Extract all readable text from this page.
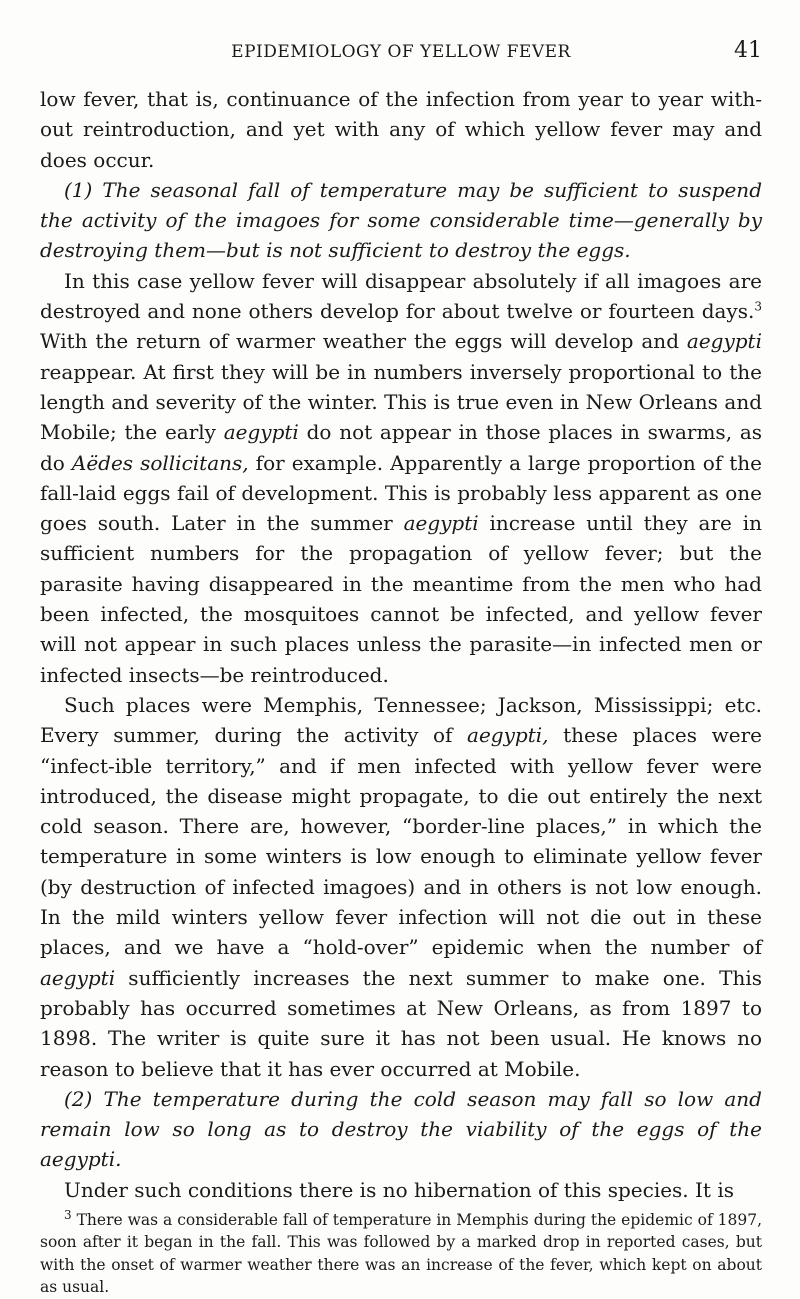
EPIDEMIOLOGY OF YELLOW FEVER	41

low fever, that is, continuance of the infection from year to year with-out reintroduction, and yet with any of which yellow fever may and does occur.

(1) The seasonal fall of temperature may be sufficient to suspend the activity of the imagoes for some considerable time—generally by destroying them—but is not sufficient to destroy the eggs.

In this case yellow fever will disappear absolutely if all imagoes are destroyed and none others develop for about twelve or fourteen days.$^3$ With the return of warmer weather the eggs will develop and aegypti reappear. At first they will be in numbers inversely proportional to the length and severity of the winter. This is true even in New Orleans and Mobile; the early aegypti do not appear in those places in swarms, as do Aëdes sollicitans, for example. Apparently a large proportion of the fall-laid eggs fail of development. This is probably less apparent as one goes south. Later in the summer aegypti increase until they are in sufficient numbers for the propagation of yellow fever; but the parasite having disappeared in the meantime from the men who had been infected, the mosquitoes cannot be infected, and yellow fever will not appear in such places unless the parasite—in infected men or infected insects—be reintroduced.

Such places were Memphis, Tennessee; Jackson, Mississippi; etc. Every summer, during the activity of aegypti, these places were “infect-ible territory,” and if men infected with yellow fever were introduced, the disease might propagate, to die out entirely the next cold season. There are, however, “border-line places,” in which the temperature in some winters is low enough to eliminate yellow fever (by destruction of infected imagoes) and in others is not low enough. In the mild winters yellow fever infection will not die out in these places, and we have a “hold-over” epidemic when the number of aegypti sufficiently increases the next summer to make one. This probably has occurred sometimes at New Orleans, as from 1897 to 1898. The writer is quite sure it has not been usual. He knows no reason to believe that it has ever occurred at Mobile.

(2) The temperature during the cold season may fall so low and remain low so long as to destroy the viability of the eggs of the aegypti.

Under such conditions there is no hibernation of this species. It is

$^3$ There was a considerable fall of temperature in Memphis during the epidemic of 1897, soon after it began in the fall. This was followed by a marked drop in reported cases, but with the onset of warmer weather there was an increase of the fever, which kept on about as usual.
